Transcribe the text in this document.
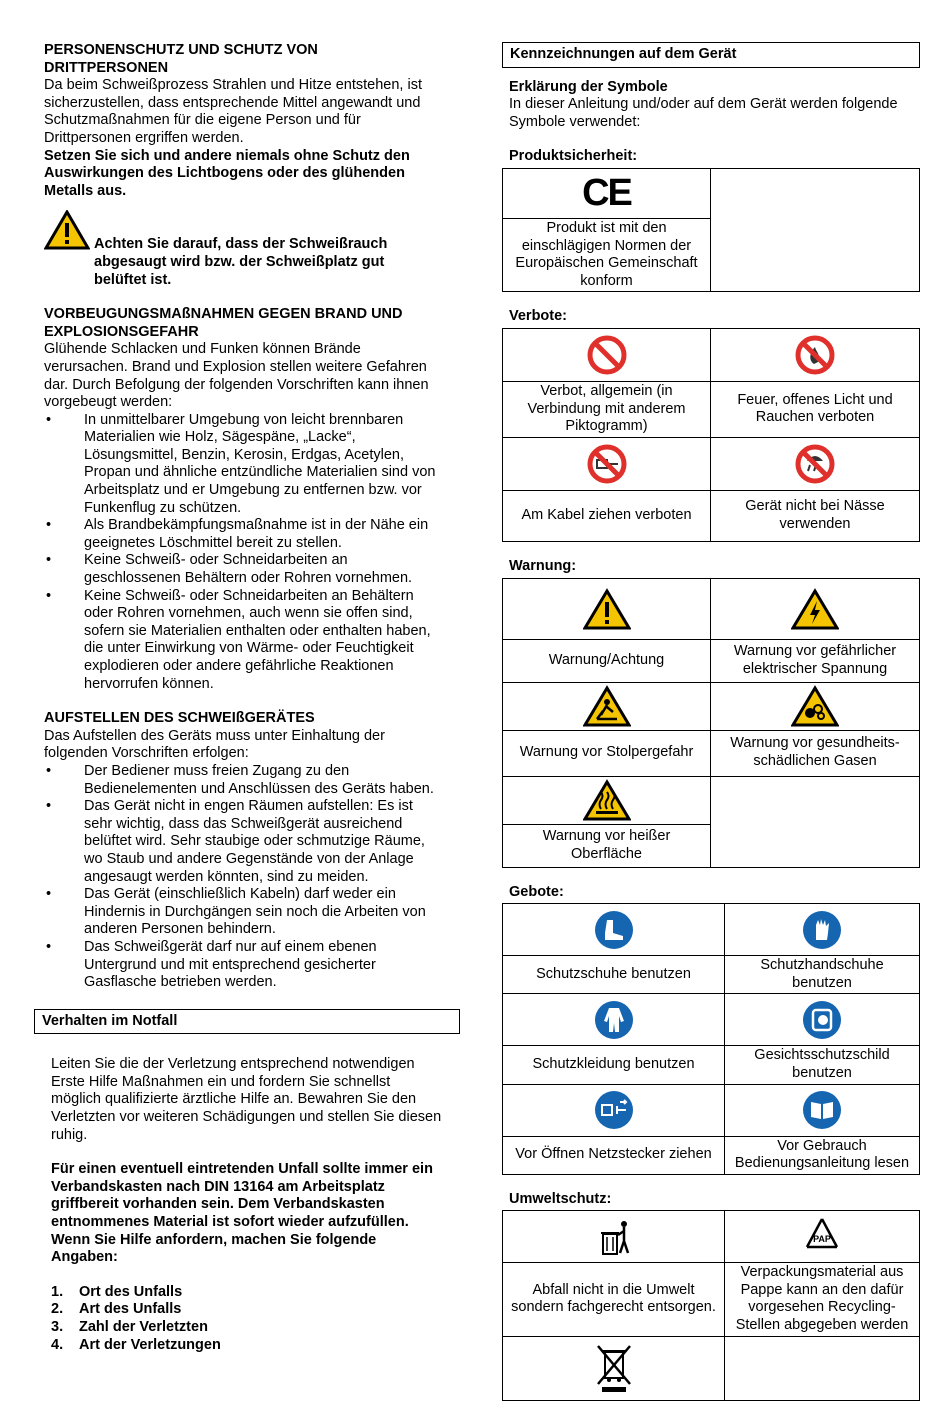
PERSONENSCHUTZ UND SCHUTZ VON DRITTPERSONEN

Da beim Schweißprozess Strahlen und Hitze entstehen, ist sicherzustellen, dass entsprechende Mittel angewandt und Schutzmaßnahmen für die eigene Person und für Drittpersonen ergriffen werden.

Setzen Sie sich und andere niemals ohne Schutz den Auswirkungen des Lichtbogens oder des glühenden Metalls aus.

Achten Sie darauf, dass der Schweißrauch abgesaugt wird bzw. der Schweißplatz gut belüftet ist.

VORBEUGUNGSMAßNAHMEN GEGEN BRAND UND EXPLOSIONSGEFAHR

Glühende Schlacken und Funken können Brände verursachen. Brand und Explosion stellen weitere Gefahren dar. Durch Befolgung der folgenden Vorschriften kann ihnen vorgebeugt werden:

• In unmittelbarer Umgebung von leicht brennbaren Materialien wie Holz, Sägespäne, „Lacke“, Lösungsmittel, Benzin, Kerosin, Erdgas, Acetylen, Propan und ähnliche entzündliche Materialien sind von Arbeitsplatz und er Umgebung zu entfernen bzw. vor Funkenflug zu schützen.
• Als Brandbekämpfungsmaßnahme ist in der Nähe ein geeignetes Löschmittel bereit zu stellen.
• Keine Schweiß- oder Schneidarbeiten an geschlossenen Behältern oder Rohren vornehmen.
• Keine Schweiß- oder Schneidarbeiten an Behältern oder Rohren vornehmen, auch wenn sie offen sind, sofern sie Materialien enthalten oder enthalten haben, die unter Einwirkung von Wärme- oder Feuchtigkeit explodieren oder andere gefährliche Reaktionen hervorrufen können.

AUFSTELLEN DES SCHWEIßGERÄTES

Das Aufstellen des Geräts muss unter Einhaltung der folgenden Vorschriften erfolgen:

• Der Bediener muss freien Zugang zu den Bedienelementen und Anschlüssen des Geräts haben.
• Das Gerät nicht in engen Räumen aufstellen: Es ist sehr wichtig, dass das Schweißgerät ausreichend belüftet wird. Sehr staubige oder schmutzige Räume, wo Staub und andere Gegenstände von der Anlage angesaugt werden könnten, sind zu meiden.
• Das Gerät (einschließlich Kabeln) darf weder ein Hindernis in Durchgängen sein noch die Arbeiten von anderen Personen behindern.
• Das Schweißgerät darf nur auf einem ebenen Untergrund und mit entsprechend gesicherter Gasflasche betrieben werden.
Verhalten im Notfall

Leiten Sie die der Verletzung entsprechend notwendigen Erste Hilfe Maßnahmen ein und fordern Sie schnellst möglich qualifizierte ärztliche Hilfe an. Bewahren Sie den Verletzten vor weiteren Schädigungen und stellen Sie diesen ruhig.

Für einen eventuell eintretenden Unfall sollte immer ein Verbandskasten nach DIN 13164 am Arbeitsplatz griffbereit vorhanden sein. Dem Verbandskasten entnommenes Material ist sofort wieder aufzufüllen. Wenn Sie Hilfe anfordern, machen Sie folgende Angaben:

1.	Ort des Unfalls
2.	Art des Unfalls
3.	Zahl der Verletzten
4.	Art der Verletzungen
Kennzeichnungen auf dem Gerät

Erklärung der Symbole

In dieser Anleitung und/oder auf dem Gerät werden folgende Symbole verwendet:

Produktsicherheit:

CE	
Produkt ist mit den einschlägigen Normen der Europäischen Gemeinschaft konform

Verbote:

Verbot, allgemein (in Verbindung mit anderem Piktogramm)	Feuer, offenes Licht und Rauchen verboten

Am Kabel ziehen verboten	Gerät nicht bei Nässe verwenden

Warnung:

Warnung/Achtung	Warnung vor gefährlicher elektrischer Spannung

Warnung vor Stolpergefahr	Warnung vor gesundheits-schädlichen Gasen

Warnung vor heißer Oberfläche	

Gebote:

Schutzschuhe benutzen	Schutzhandschuhe benutzen

Schutzkleidung benutzen	Gesichtsschutzschild benutzen

Vor Öffnen Netzstecker ziehen	Vor Gebrauch Bedienungsanleitung lesen

Umweltschutz:

PAP

Abfall nicht in die Umwelt sondern fachgerecht entsorgen.	Verpackungsmaterial aus Pappe kann an den dafür vorgesehen Recycling-Stellen abgegeben werden
